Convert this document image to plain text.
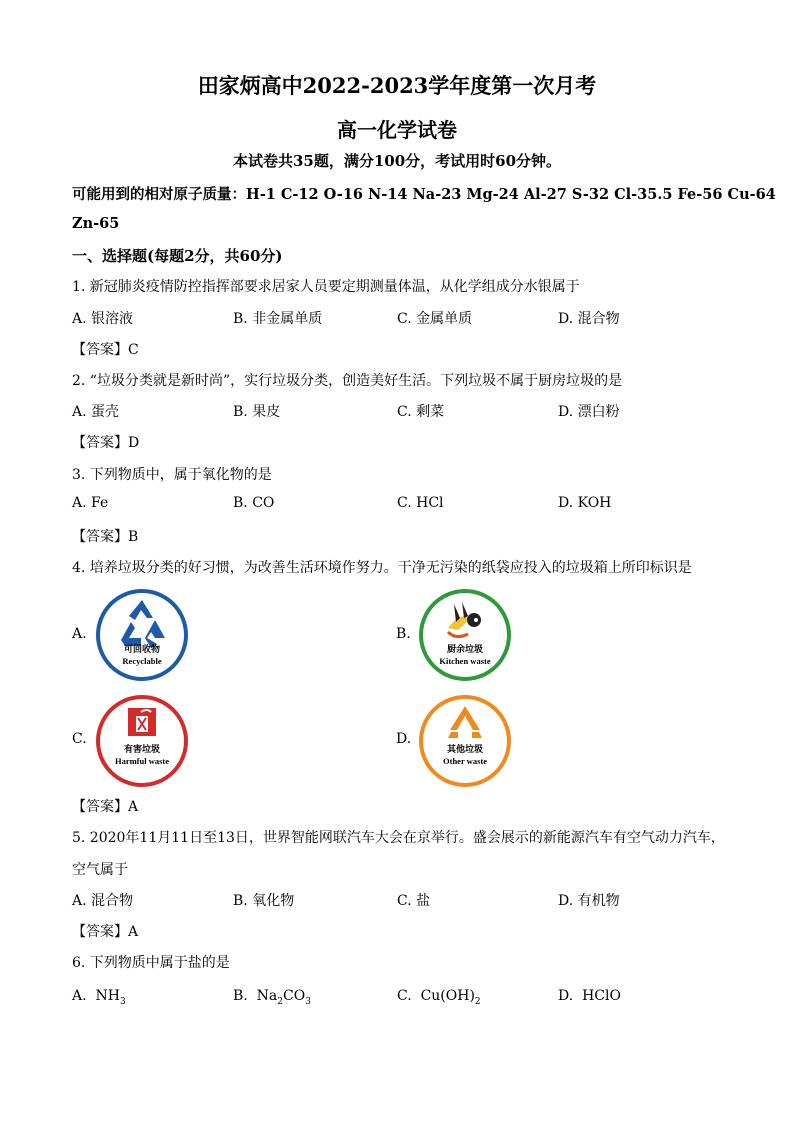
田家炳高中2022-2023学年度第一次月考
高一化学试卷
本试卷共35题，满分100分，考试用时60分钟。
可能用到的相对原子质量：H-1 C-12 O-16 N-14 Na-23 Mg-24 Al-27 S-32 Cl-35.5 Fe-56 Cu-64
Zn-65
一、选择题(每题2分，共60分)
1. 新冠肺炎疫情防控指挥部要求居家人员要定期测量体温，从化学组成分水银属于
A. 银溶液	B. 非金属单质	C. 金属单质	D. 混合物
【答案】C
2. “垃圾分类就是新时尚”，实行垃圾分类，创造美好生活。下列垃圾不属于厨房垃圾的是
A. 蛋壳	B. 果皮	C. 剩菜	D. 漂白粉
【答案】D
3. 下列物质中，属于氧化物的是
A. Fe	B. CO	C. HCl	D. KOH
【答案】B
4. 培养垃圾分类的好习惯，为改善生活环境作努力。干净无污染的纸袋应投入的垃圾箱上所印标识是
A.	B.
C.	D.
可回收物
Recyclable
厨余垃圾
Kitchen waste
有害垃圾
Harmful waste
其他垃圾
Other waste
【答案】A
5. 2020年11月11日至13日，世界智能网联汽车大会在京举行。盛会展示的新能源汽车有空气动力汽车，
空气属于
A. 混合物	B. 氧化物	C. 盐	D. 有机物
【答案】A
6. 下列物质中属于盐的是
A. $NH_3$	B. $Na_2CO_3$	C. $Cu(OH)_2$	D. HClO
